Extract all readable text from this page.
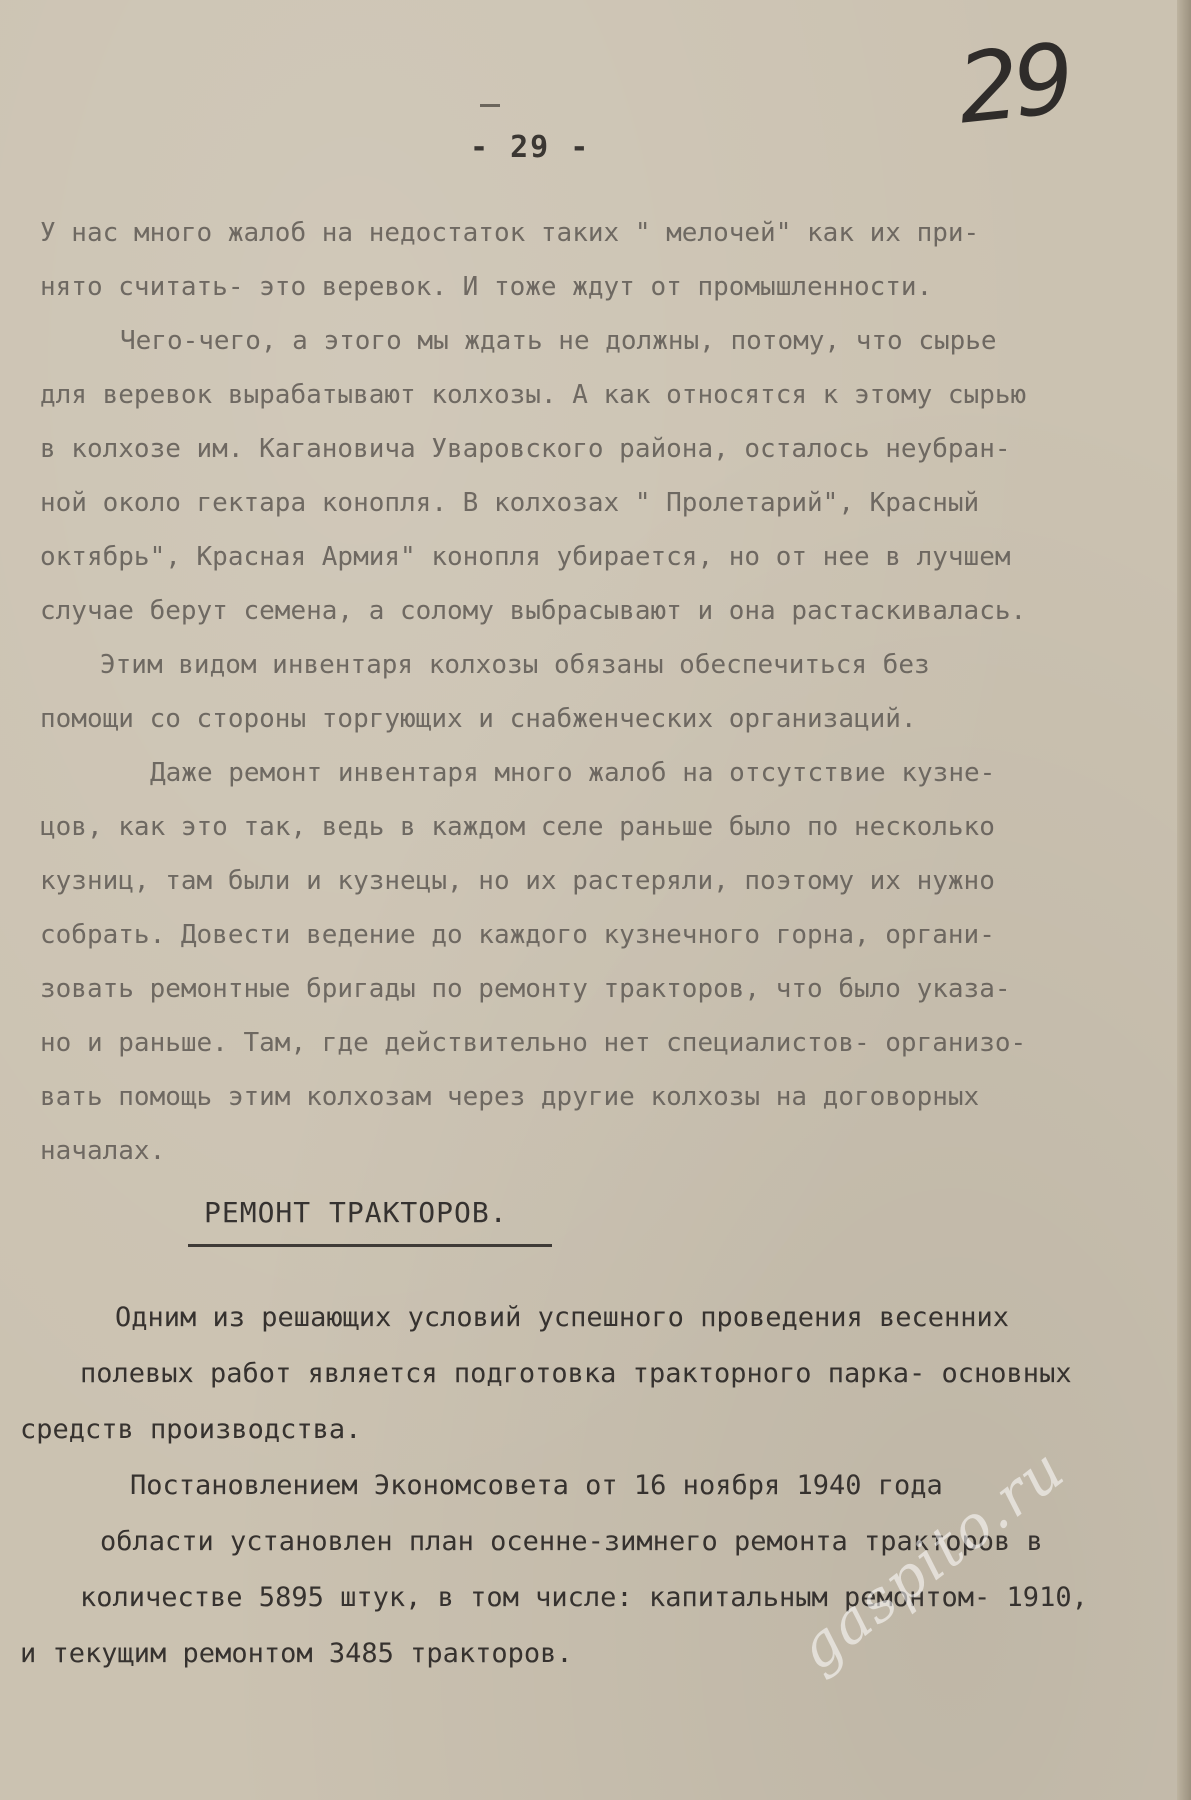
29
- 29 -
У нас много жалоб на недостаток таких " мелочей" как их при-
нято считать- это веревок. И тоже ждут от промышленности.
Чего-чего, а этого мы ждать не должны, потому, что сырье
для веревок вырабатывают колхозы. А как относятся к этому сырью
в колхозе им. Кагановича Уваровского района, осталось неубран-
ной около гектара конопля. В колхозах " Пролетарий", Красный
октябрь", Красная Армия" конопля убирается, но от нее в лучшем
случае берут семена, а солому выбрасывают и она растаскивалась.
Этим видом инвентаря колхозы обязаны обеспечиться без
помощи со стороны торгующих и снабженческих организаций.
Даже ремонт инвентаря много жалоб на отсутствие кузне-
цов, как это так, ведь в каждом селе раньше было по несколько
кузниц, там были и кузнецы, но их растеряли, поэтому их нужно
собрать. Довести ведение до каждого кузнечного горна, органи-
зовать ремонтные бригады по ремонту тракторов, что было указа-
но и раньше. Там, где действительно нет специалистов- организо-
вать помощь этим колхозам через другие колхозы на договорных
началах.
РЕМОНТ ТРАКТОРОВ.
Одним из решающих условий успешного проведения весенних
полевых работ является подготовка тракторного парка- основных
средств производства.
Постановлением Экономсовета от 16 ноября 1940 года
области установлен план осенне-зимнего ремонта тракторов в
количестве 5895 штук, в том числе: капитальным ремонтом- 1910,
и текущим ремонтом 3485 тракторов.	gaspito.ru
